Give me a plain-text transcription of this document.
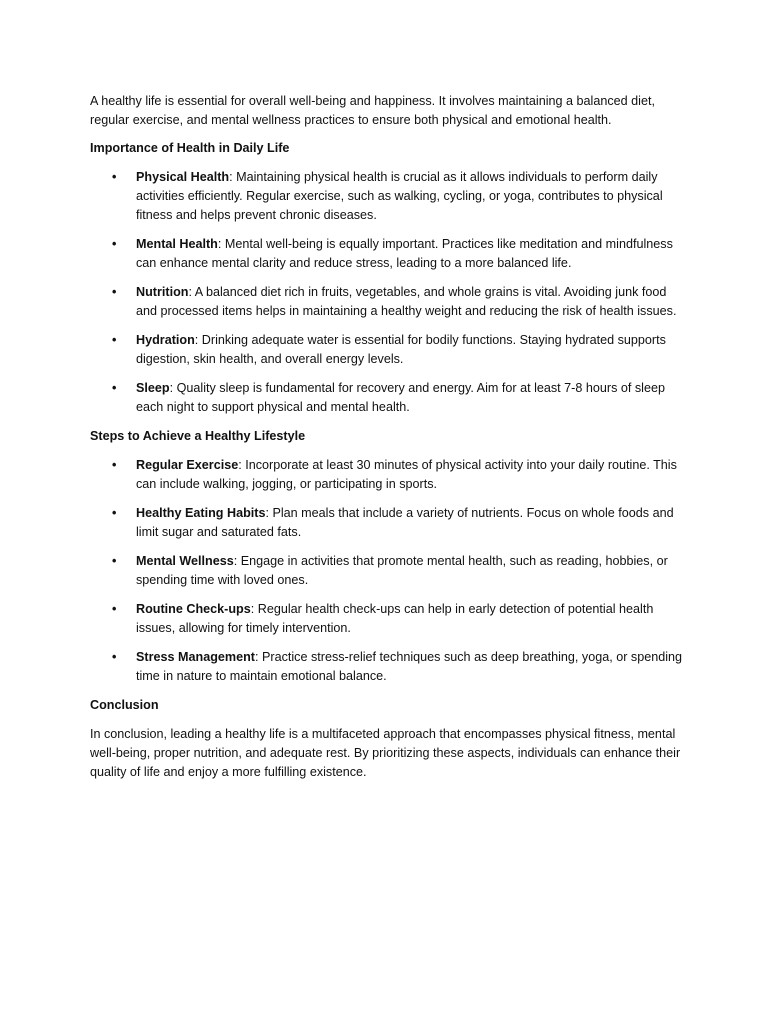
A healthy life is essential for overall well-being and happiness. It involves maintaining a balanced diet, regular exercise, and mental wellness practices to ensure both physical and emotional health.

Importance of Health in Daily Life

• Physical Health: Maintaining physical health is crucial as it allows individuals to perform daily activities efficiently. Regular exercise, such as walking, cycling, or yoga, contributes to physical fitness and helps prevent chronic diseases.
• Mental Health: Mental well-being is equally important. Practices like meditation and mindfulness can enhance mental clarity and reduce stress, leading to a more balanced life.
• Nutrition: A balanced diet rich in fruits, vegetables, and whole grains is vital. Avoiding junk food and processed items helps in maintaining a healthy weight and reducing the risk of health issues.
• Hydration: Drinking adequate water is essential for bodily functions. Staying hydrated supports digestion, skin health, and overall energy levels.
• Sleep: Quality sleep is fundamental for recovery and energy. Aim for at least 7-8 hours of sleep each night to support physical and mental health.

Steps to Achieve a Healthy Lifestyle

• Regular Exercise: Incorporate at least 30 minutes of physical activity into your daily routine. This can include walking, jogging, or participating in sports.
• Healthy Eating Habits: Plan meals that include a variety of nutrients. Focus on whole foods and limit sugar and saturated fats.
• Mental Wellness: Engage in activities that promote mental health, such as reading, hobbies, or spending time with loved ones.
• Routine Check-ups: Regular health check-ups can help in early detection of potential health issues, allowing for timely intervention.
• Stress Management: Practice stress-relief techniques such as deep breathing, yoga, or spending time in nature to maintain emotional balance.

Conclusion

In conclusion, leading a healthy life is a multifaceted approach that encompasses physical fitness, mental well-being, proper nutrition, and adequate rest. By prioritizing these aspects, individuals can enhance their quality of life and enjoy a more fulfilling existence.
